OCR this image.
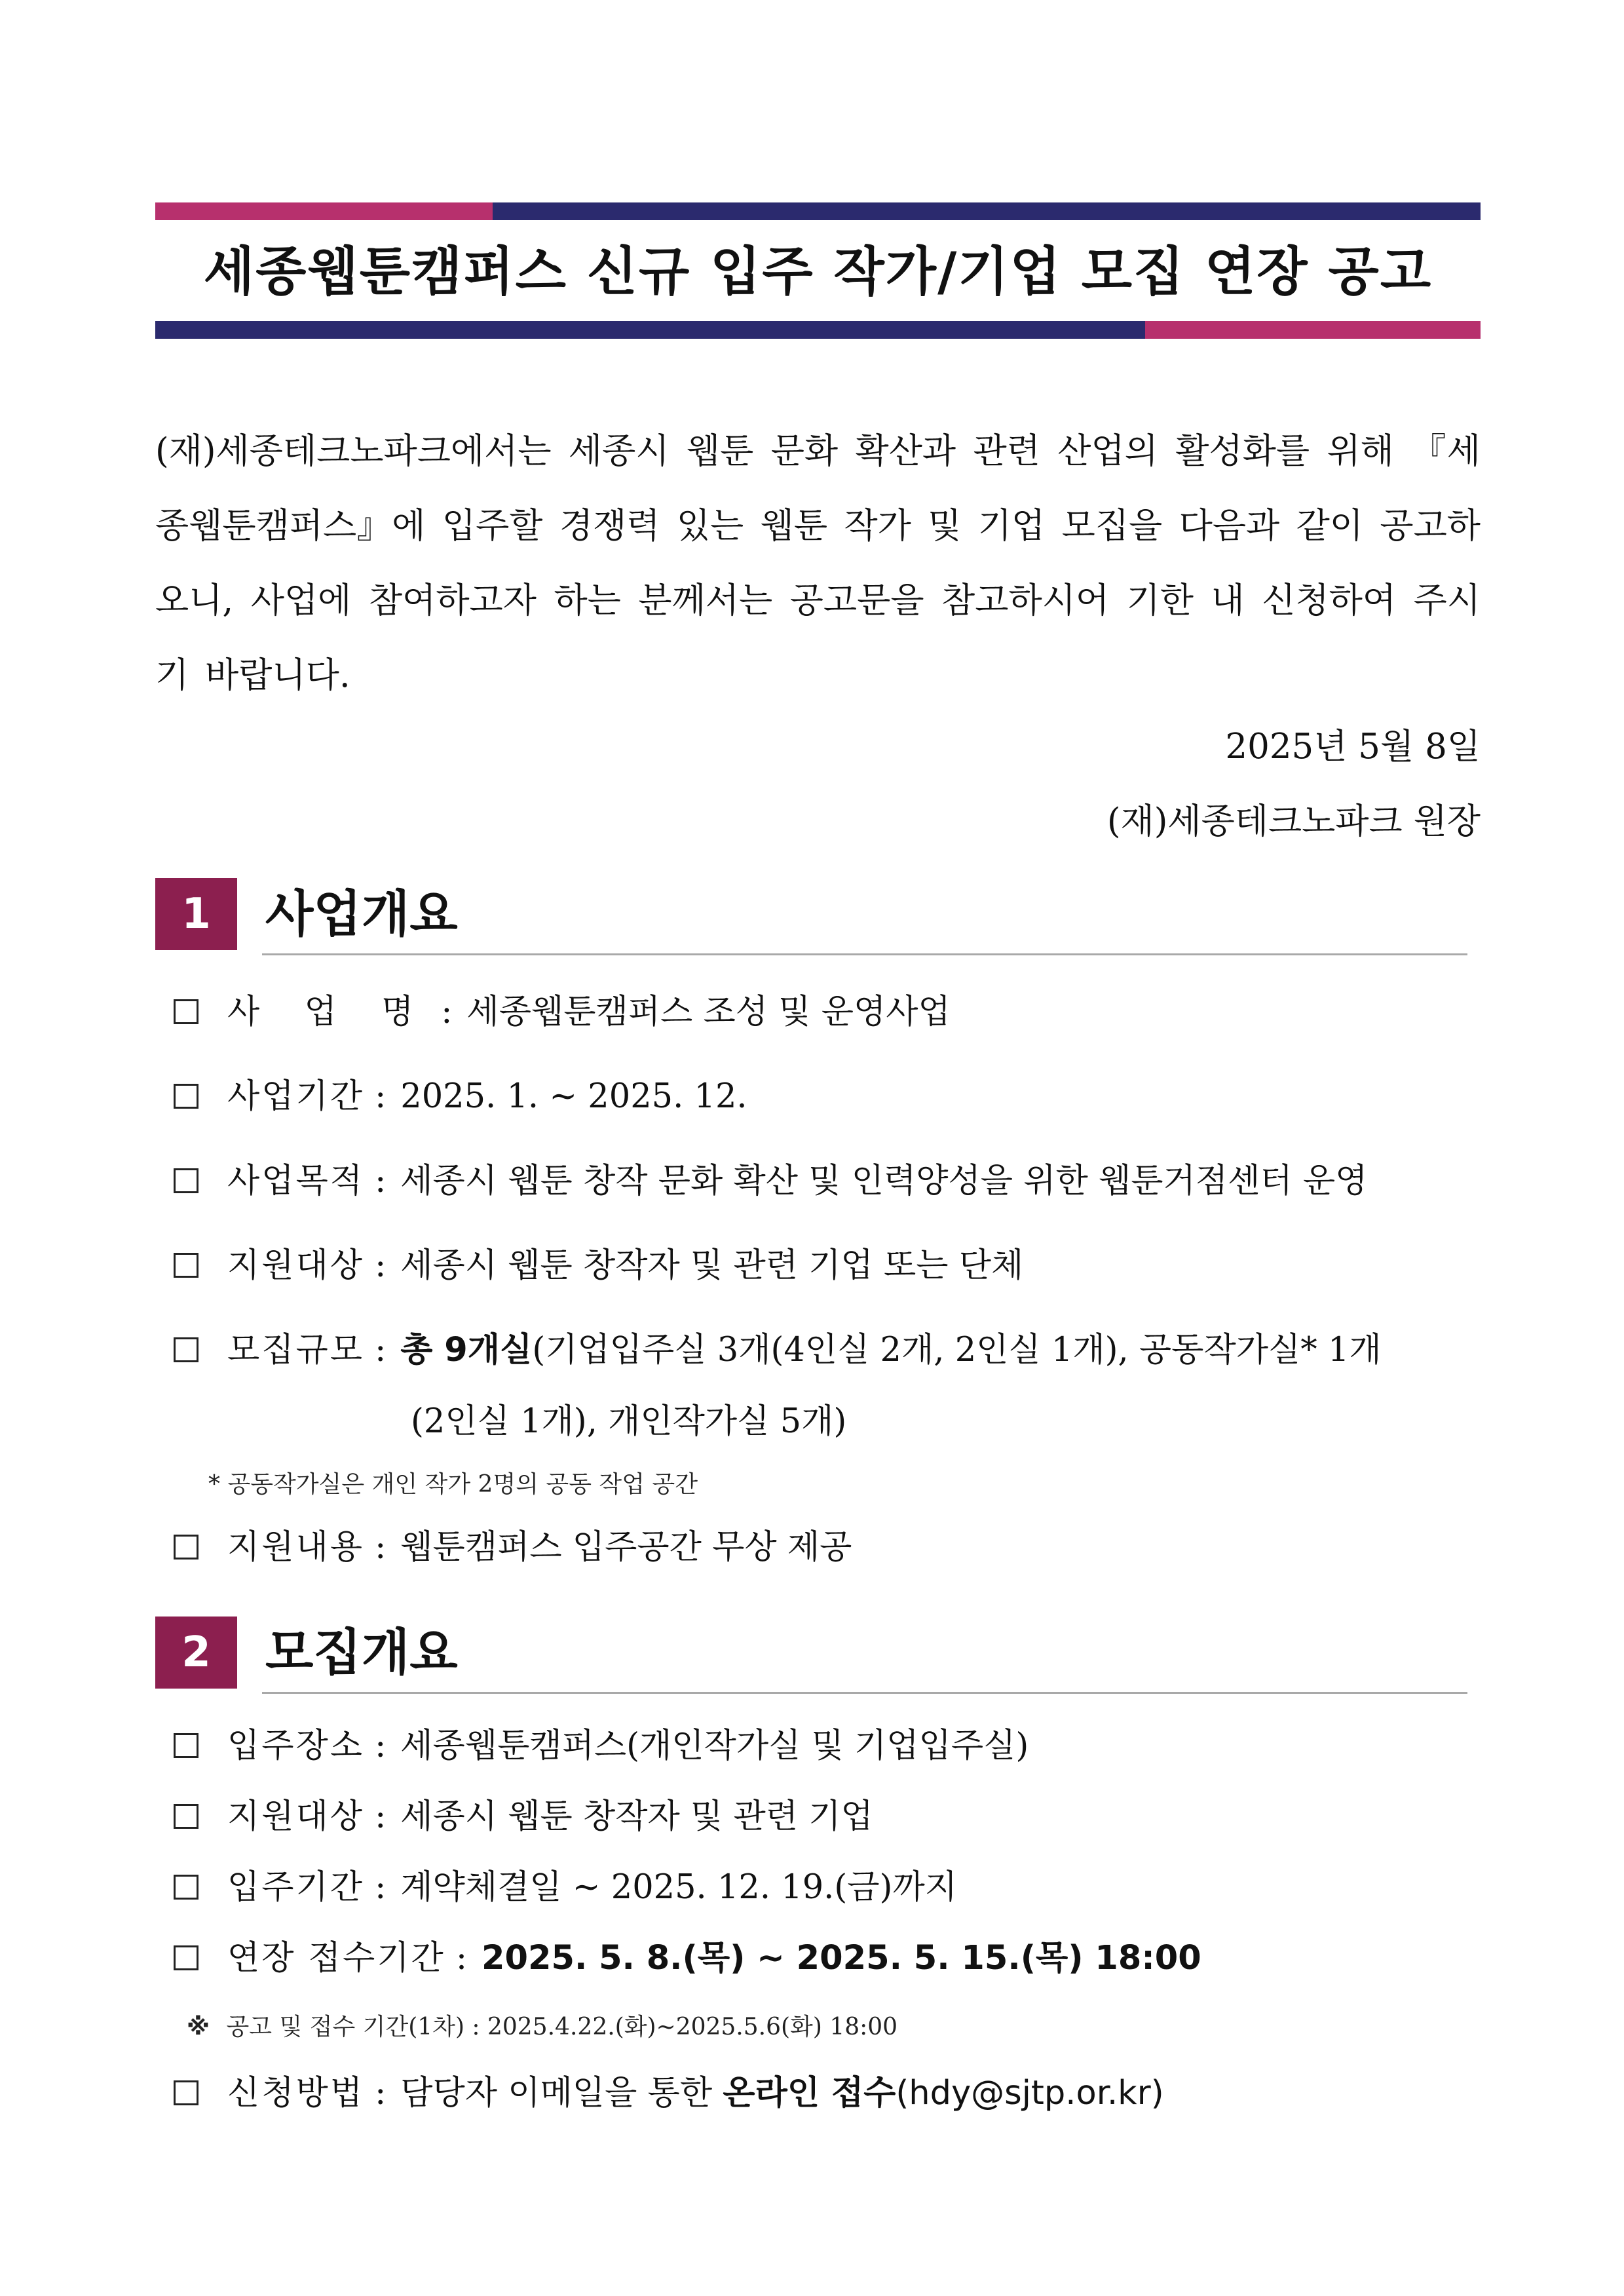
세종웹툰캠퍼스 신규 입주 작가/기업 모집 연장 공고
(재)세종테크노파크에서는 세종시 웹툰 문화 확산과 관련 산업의 활성화를 위해 『세종웹툰캠퍼스』에 입주할 경쟁력 있는 웹툰 작가 및 기업 모집을 다음과 같이 공고하오니, 사업에 참여하고자 하는 분께서는 공고문을 참고하시어 기한 내 신청하여 주시기 바랍니다.
2025년 5월 8일
(재)세종테크노파크 원장
1	사업개요
사 업 명 : 세종웹툰캠퍼스 조성 및 운영사업
사업기간 : 2025. 1. ~ 2025. 12.
사업목적 : 세종시 웹툰 창작 문화 확산 및 인력양성을 위한 웹툰거점센터 운영
지원대상 : 세종시 웹툰 창작자 및 관련 기업 또는 단체
모집규모 : 총 9개실(기업입주실 3개(4인실 2개, 2인실 1개), 공동작가실* 1개
(2인실 1개), 개인작가실 5개)
* 공동작가실은 개인 작가 2명의 공동 작업 공간
지원내용 : 웹툰캠퍼스 입주공간 무상 제공
2	모집개요
입주장소 : 세종웹툰캠퍼스(개인작가실 및 기업입주실)
지원대상 : 세종시 웹툰 창작자 및 관련 기업
입주기간 : 계약체결일 ~ 2025. 12. 19.(금)까지
연장 접수기간 : 2025. 5. 8.(목) ~ 2025. 5. 15.(목) 18:00
※ 공고 및 접수 기간(1차) : 2025.4.22.(화)~2025.5.6(화) 18:00
신청방법 : 담당자 이메일을 통한 온라인 접수(hdy@sjtp.or.kr)
